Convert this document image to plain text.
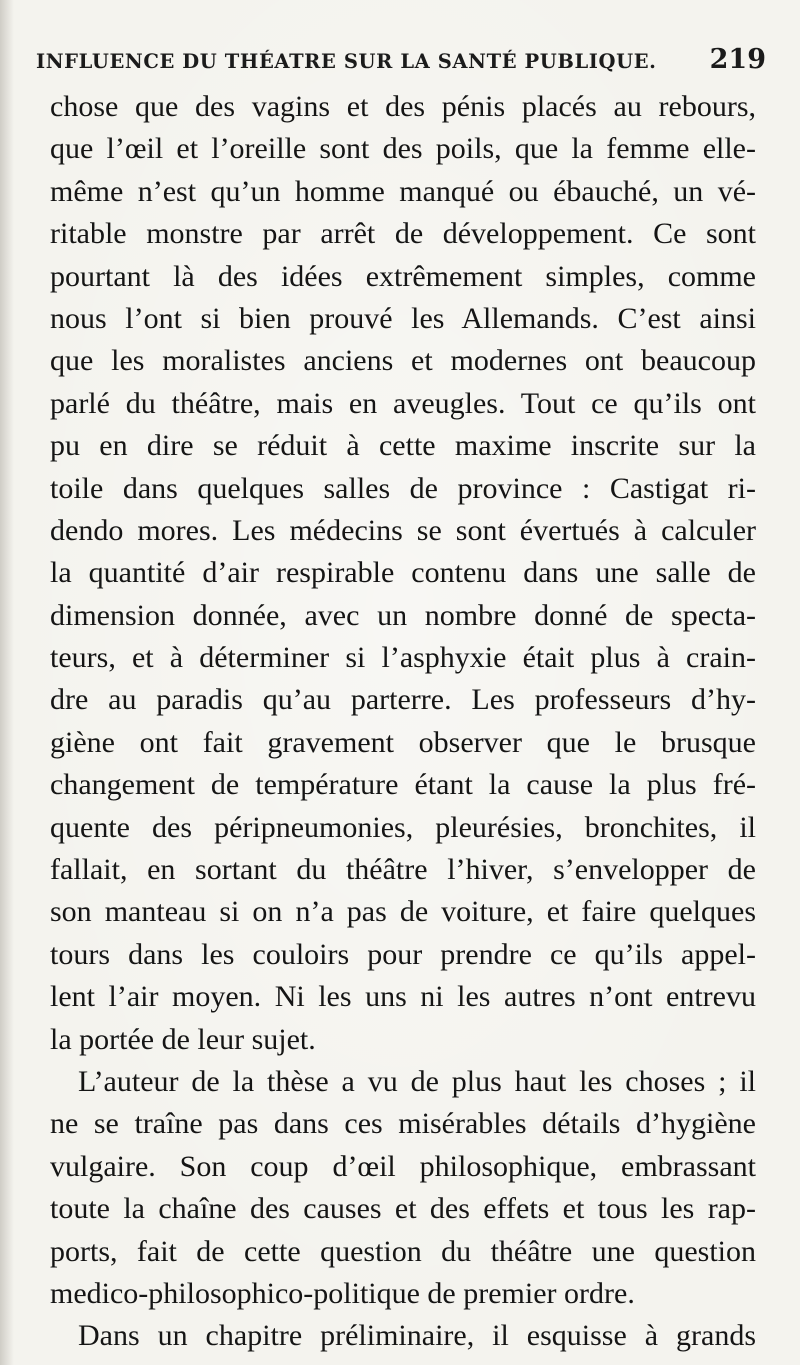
INFLUENCE DU THÉATRE SUR LA SANTÉ PUBLIQUE. 219
chose que des vagins et des pénis placés au rebours,
que l’œil et l’oreille sont des poils, que la femme elle-
même n’est qu’un homme manqué ou ébauché, un vé-
ritable monstre par arrêt de développement. Ce sont
pourtant là des idées extrêmement simples, comme
nous l’ont si bien prouvé les Allemands. C’est ainsi
que les moralistes anciens et modernes ont beaucoup
parlé du théâtre, mais en aveugles. Tout ce qu’ils ont
pu en dire se réduit à cette maxime inscrite sur la
toile dans quelques salles de province : Castigat ri-
dendo mores. Les médecins se sont évertués à calculer
la quantité d’air respirable contenu dans une salle de
dimension donnée, avec un nombre donné de specta-
teurs, et à déterminer si l’asphyxie était plus à crain-
dre au paradis qu’au parterre. Les professeurs d’hy-
giène ont fait gravement observer que le brusque
changement de température étant la cause la plus fré-
quente des péripneumonies, pleurésies, bronchites, il
fallait, en sortant du théâtre l’hiver, s’envelopper de
son manteau si on n’a pas de voiture, et faire quelques
tours dans les couloirs pour prendre ce qu’ils appel-
lent l’air moyen. Ni les uns ni les autres n’ont entrevu
la portée de leur sujet.
L’auteur de la thèse a vu de plus haut les choses ; il
ne se traîne pas dans ces misérables détails d’hygiène
vulgaire. Son coup d’œil philosophique, embrassant
toute la chaîne des causes et des effets et tous les rap-
ports, fait de cette question du théâtre une question
medico-philosophico-politique de premier ordre.
Dans un chapitre préliminaire, il esquisse à grands
